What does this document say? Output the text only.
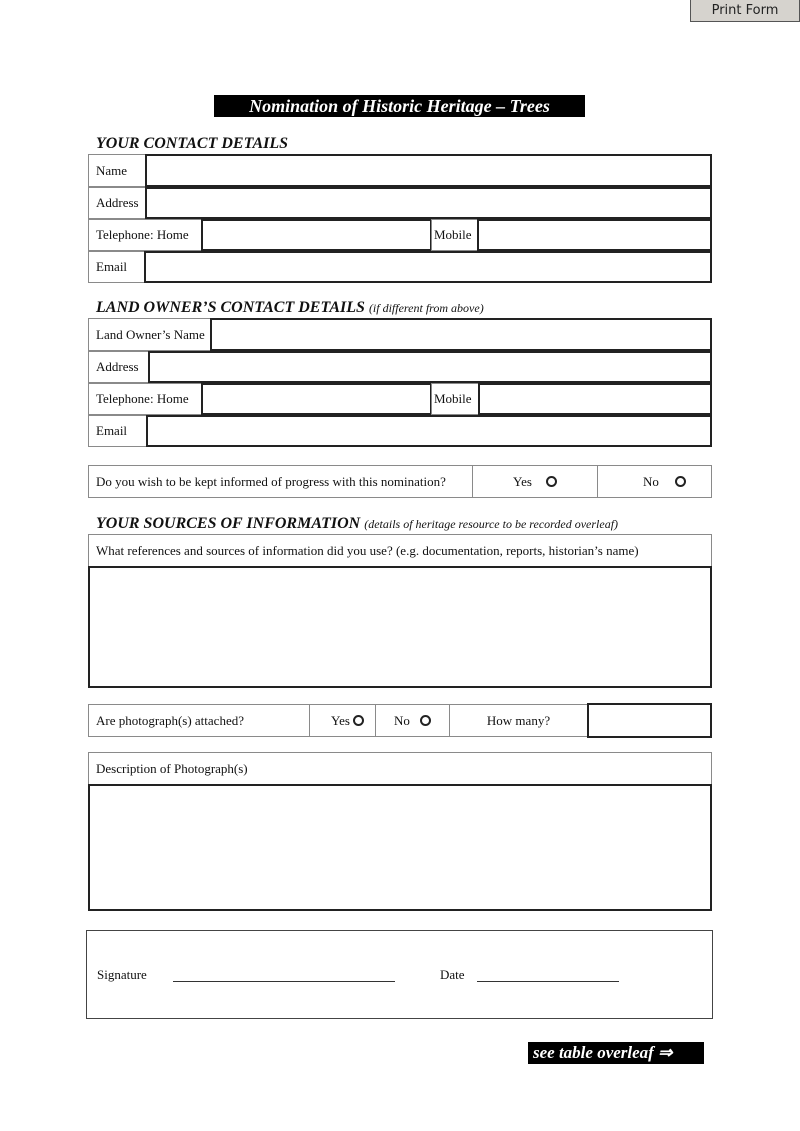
Print Form
Nomination of Historic Heritage – Trees
YOUR CONTACT DETAILS
Name
Address
Telephone: Home	Mobile
Email
LAND OWNER’S CONTACT DETAILS (if different from above)
Land Owner’s Name
Address
Telephone: Home	Mobile
Email
Do you wish to be kept informed of progress with this nomination?	Yes	No
YOUR SOURCES OF INFORMATION (details of heritage resource to be recorded overleaf)
What references and sources of information did you use? (e.g. documentation, reports, historian’s name)
Are photograph(s) attached?	Yes	No	How many?
Description of Photograph(s)
Signature	Date
see table overleaf ⇒
